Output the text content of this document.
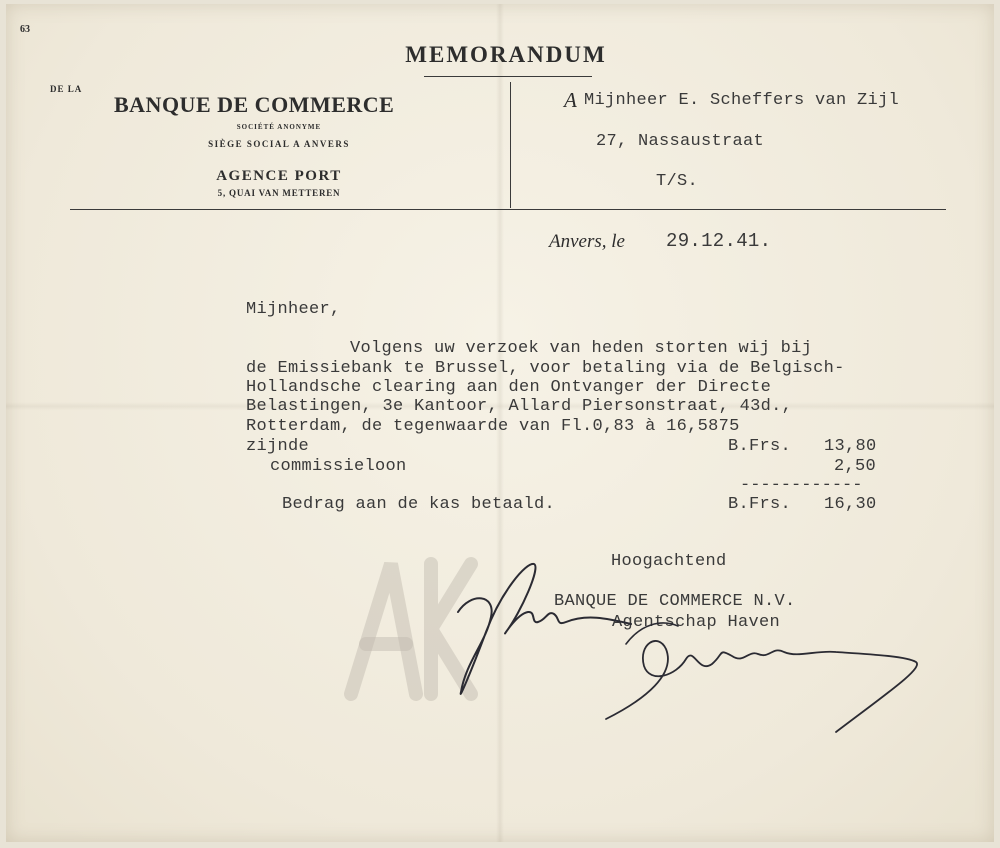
63
MEMORANDUM
DE LA
BANQUE DE COMMERCE
SOCIÉTÉ ANONYME
SIÈGE SOCIAL A ANVERS
AGENCE PORT
5, QUAI VAN METTEREN
A Mijnheer E. Scheffers van Zijl
27, Nassaustraat
T/S.
Anvers, le 29.12.41.
Mijnheer,
Volgens uw verzoek van heden storten wij bij
de Emissiebank te Brussel, voor betaling via de Belgisch-
Hollandsche clearing aan den Ontvanger der Directe
Belastingen, 3e Kantoor, Allard Piersonstraat, 43d.,
Rotterdam, de tegenwaarde van Fl.0,83 à 16,5875
zijnde	B.Frs. 13,80
commissieloon	2,50
------------
Bedrag aan de kas betaald.	B.Frs. 16,30
Hoogachtend
BANQUE DE COMMERCE N.V.
Agentschap Haven
